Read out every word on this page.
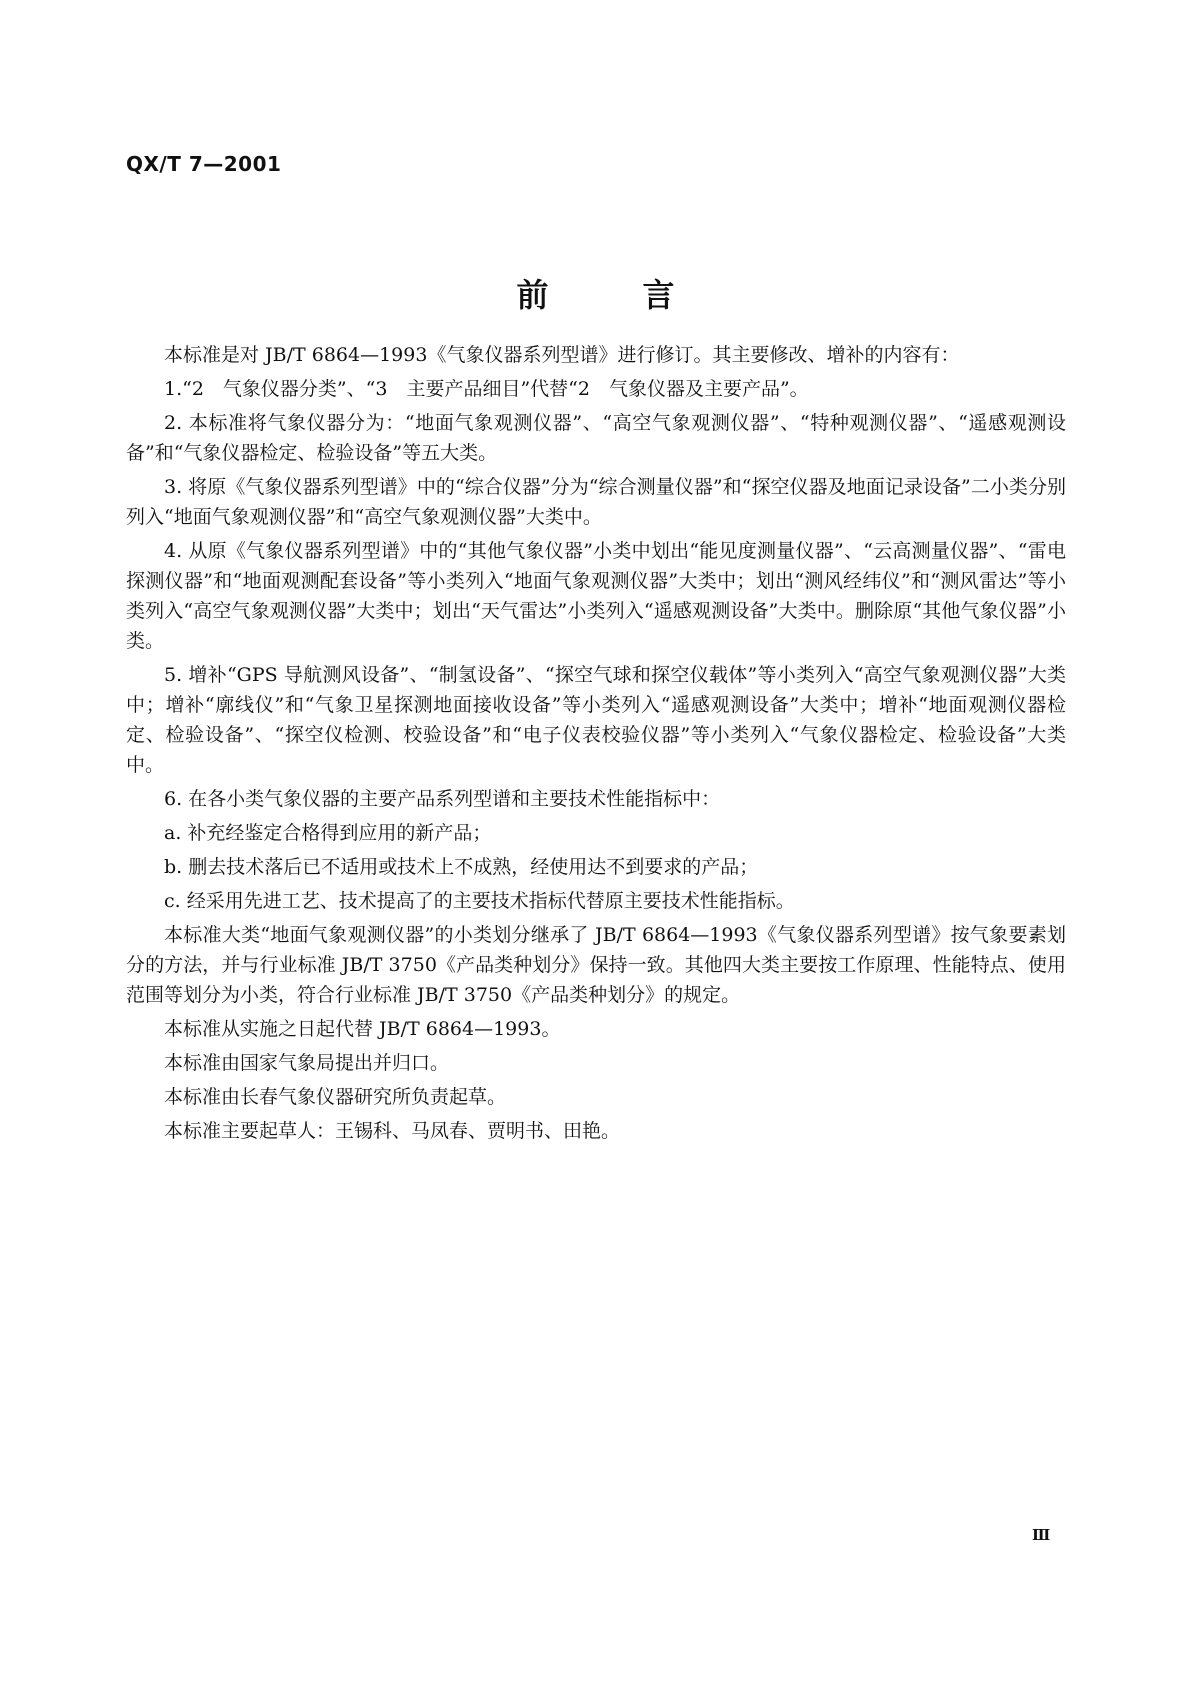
QX/T 7—2001
前	言

本标准是对 JB/T 6864—1993《气象仪器系列型谱》进行修订。其主要修改、增补的内容有：

1.“2　气象仪器分类”、“3　主要产品细目”代替“2　气象仪器及主要产品”。

2. 本标准将气象仪器分为：“地面气象观测仪器”、“高空气象观测仪器”、“特种观测仪器”、“遥感观测设备”和“气象仪器检定、检验设备”等五大类。

3. 将原《气象仪器系列型谱》中的“综合仪器”分为“综合测量仪器”和“探空仪器及地面记录设备”二小类分别列入“地面气象观测仪器”和“高空气象观测仪器”大类中。

4. 从原《气象仪器系列型谱》中的“其他气象仪器”小类中划出“能见度测量仪器”、“云高测量仪器”、“雷电探测仪器”和“地面观测配套设备”等小类列入“地面气象观测仪器”大类中；划出“测风经纬仪”和“测风雷达”等小类列入“高空气象观测仪器”大类中；划出“天气雷达”小类列入“遥感观测设备”大类中。删除原“其他气象仪器”小类。

5. 增补“GPS 导航测风设备”、“制氢设备”、“探空气球和探空仪载体”等小类列入“高空气象观测仪器”大类中；增补“廓线仪”和“气象卫星探测地面接收设备”等小类列入“遥感观测设备”大类中；增补“地面观测仪器检定、检验设备”、“探空仪检测、校验设备”和“电子仪表校验仪器”等小类列入“气象仪器检定、检验设备”大类中。

6. 在各小类气象仪器的主要产品系列型谱和主要技术性能指标中：

a. 补充经鉴定合格得到应用的新产品；

b. 删去技术落后已不适用或技术上不成熟，经使用达不到要求的产品；

c. 经采用先进工艺、技术提高了的主要技术指标代替原主要技术性能指标。

本标准大类“地面气象观测仪器”的小类划分继承了 JB/T 6864—1993《气象仪器系列型谱》按气象要素划分的方法，并与行业标准 JB/T 3750《产品类种划分》保持一致。其他四大类主要按工作原理、性能特点、使用范围等划分为小类，符合行业标准 JB/T 3750《产品类种划分》的规定。

本标准从实施之日起代替 JB/T 6864—1993。

本标准由国家气象局提出并归口。

本标准由长春气象仪器研究所负责起草。

本标准主要起草人：王锡科、马凤春、贾明书、田艳。

Ⅲ
